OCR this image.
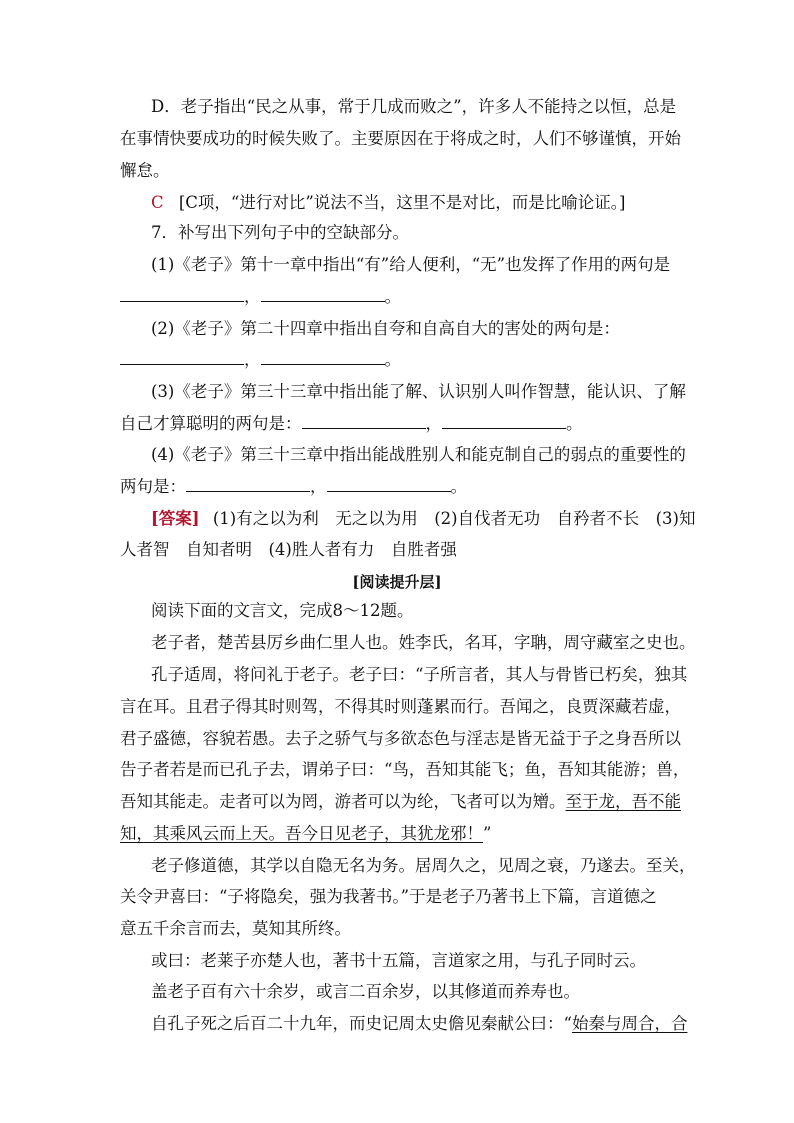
D．老子指出“民之从事，常于几成而败之”，许多人不能持之以恒，总是
在事情快要成功的时候失败了。主要原因在于将成之时，人们不够谨慎，开始
懈怠。
C [C项，“进行对比”说法不当，这里不是对比，而是比喻论证。]
7．补写出下列句子中的空缺部分。
(1)《老子》第十一章中指出“有”给人便利，“无”也发挥了作用的两句是
，	。
(2)《老子》第二十四章中指出自夸和自高自大的害处的两句是：
，	。
(3)《老子》第三十三章中指出能了解、认识别人叫作智慧，能认识、了解
自己才算聪明的两句是：	，	。
(4)《老子》第三十三章中指出能战胜别人和能克制自己的弱点的重要性的
两句是：	，	。
[答案] (1)有之以为利　无之以为用　(2)自伐者无功　自矜者不长　(3)知
人者智　自知者明　(4)胜人者有力　自胜者强
[阅读提升层]
阅读下面的文言文，完成8～12题。
老子者，楚苦县厉乡曲仁里人也。姓李氏，名耳，字聃，周守藏室之史也。
孔子适周，将问礼于老子。老子曰：“子所言者，其人与骨皆已朽矣，独其
言在耳。且君子得其时则驾，不得其时则蓬累而行。吾闻之，良贾深藏若虚，
君子盛德，容貌若愚。去子之骄气与多欲态色与淫志是皆无益于子之身吾所以
告子者若是而已孔子去，谓弟子曰：“鸟，吾知其能飞；鱼，吾知其能游；兽，
吾知其能走。走者可以为罔，游者可以为纶，飞者可以为矰。至于龙，吾不能
知，其乘风云而上天。吾今日见老子，其犹龙邪！”
老子修道德，其学以自隐无名为务。居周久之，见周之衰，乃遂去。至关，
关令尹喜曰：“子将隐矣，强为我著书。”于是老子乃著书上下篇，言道德之
意五千余言而去，莫知其所终。
或曰：老莱子亦楚人也，著书十五篇，言道家之用，与孔子同时云。
盖老子百有六十余岁，或言二百余岁，以其修道而养寿也。
自孔子死之后百二十九年，而史记周太史儋见秦献公曰：“始秦与周合，合
